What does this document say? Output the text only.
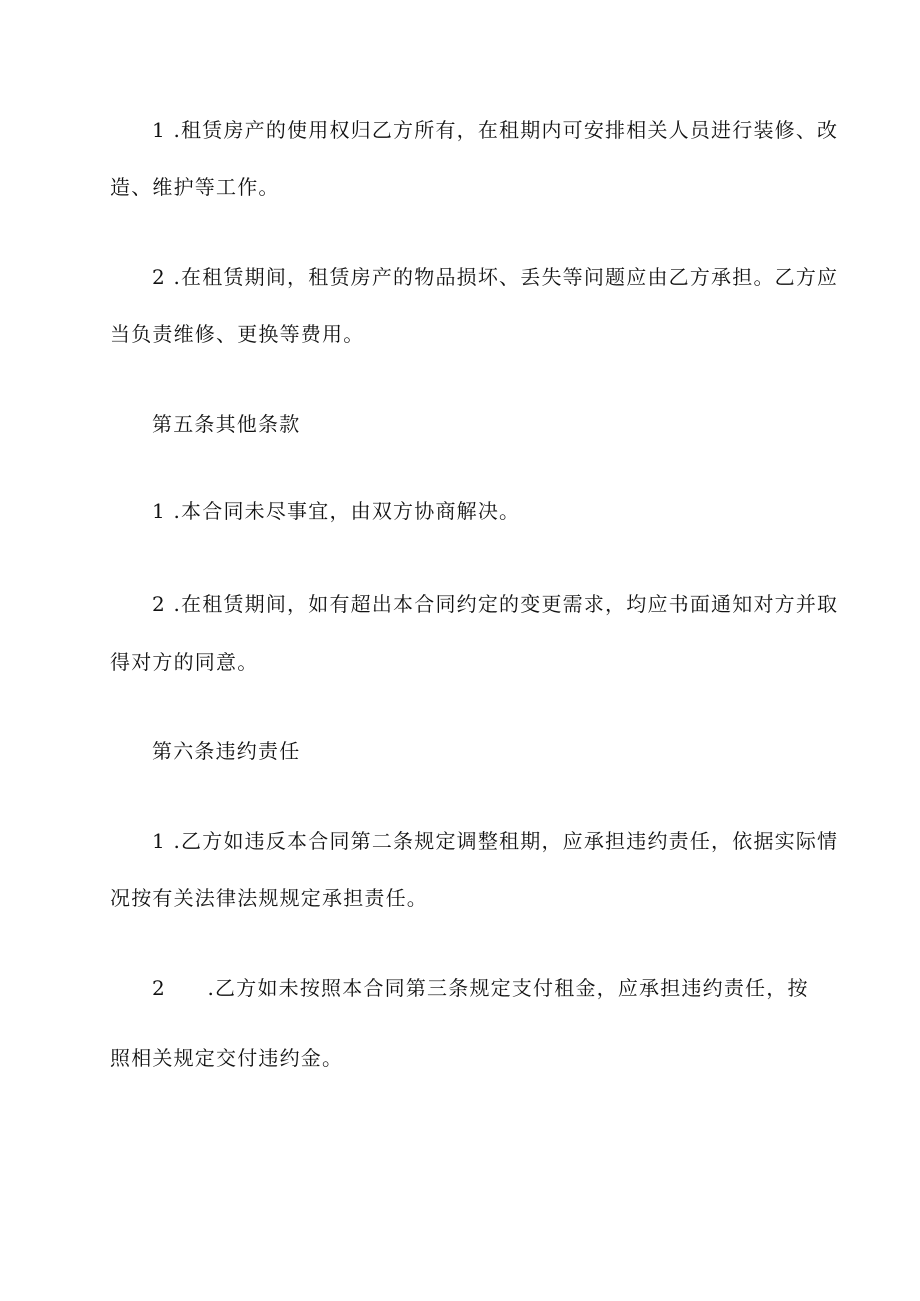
1 .租赁房产的使用权归乙方所有，在租期内可安排相关人员进行装修、改
造、维护等工作。
2 .在租赁期间，租赁房产的物品损坏、丢失等问题应由乙方承担。乙方应
当负责维修、更换等费用。
第五条其他条款
1 .本合同未尽事宜，由双方协商解决。
2 .在租赁期间，如有超出本合同约定的变更需求，均应书面通知对方并取
得对方的同意。
第六条违约责任
1 .乙方如违反本合同第二条规定调整租期，应承担违约责任，依据实际情
况按有关法律法规规定承担责任。
2 .乙方如未按照本合同第三条规定支付租金，应承担违约责任，按
照相关规定交付违约金。
